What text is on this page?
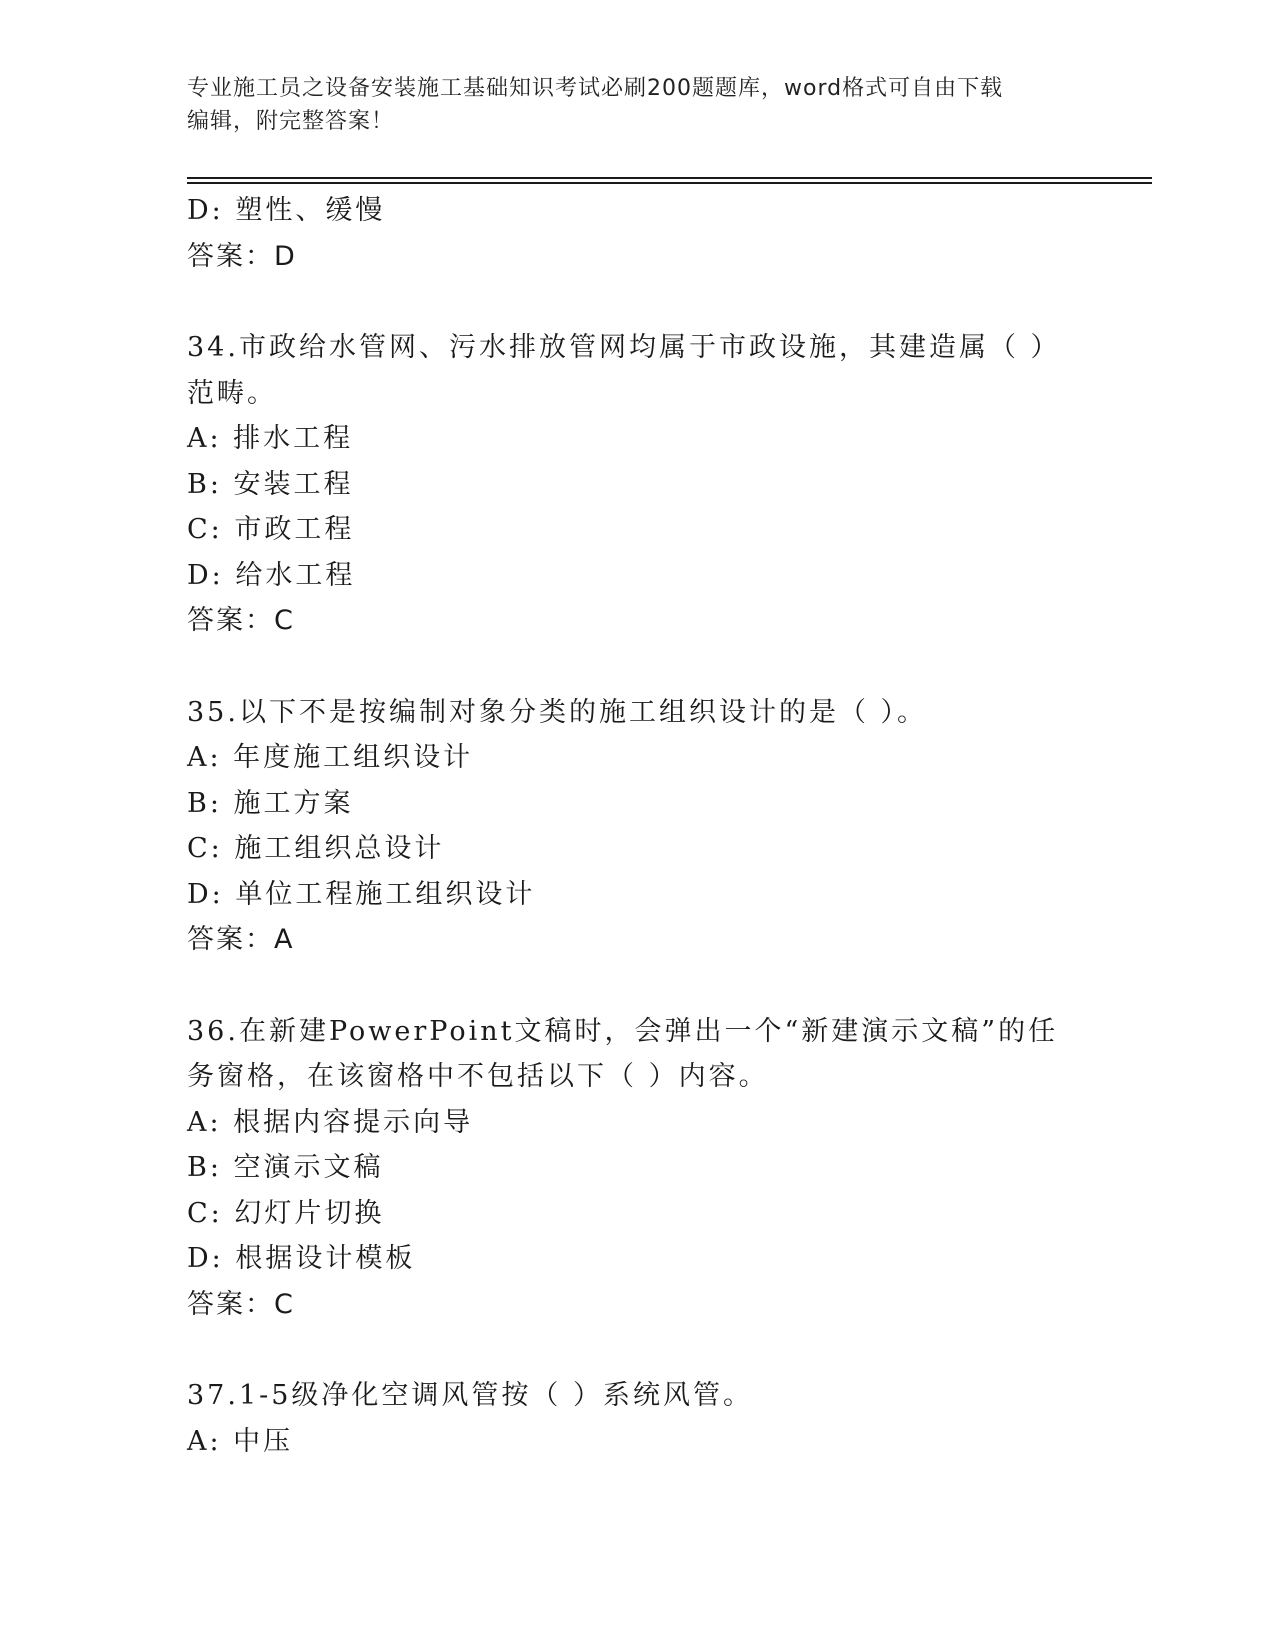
专业施工员之设备安装施工基础知识考试必刷200题题库，word格式可自由下载
编辑，附完整答案！
D: 塑性、缓慢
答案：D
34.市政给水管网、污水排放管网均属于市政设施，其建造属（ ）范畴。
A: 排水工程
B: 安装工程
C: 市政工程
D: 给水工程
答案：C
35.以下不是按编制对象分类的施工组织设计的是（ ）。
A: 年度施工组织设计
B: 施工方案
C: 施工组织总设计
D: 单位工程施工组织设计
答案：A
36.在新建PowerPoint文稿时，会弹出一个“新建演示文稿”的任务窗格，在该窗格中不包括以下（ ）内容。
A: 根据内容提示向导
B: 空演示文稿
C: 幻灯片切换
D: 根据设计模板
答案：C
37.1-5级净化空调风管按（ ）系统风管。
A: 中压
